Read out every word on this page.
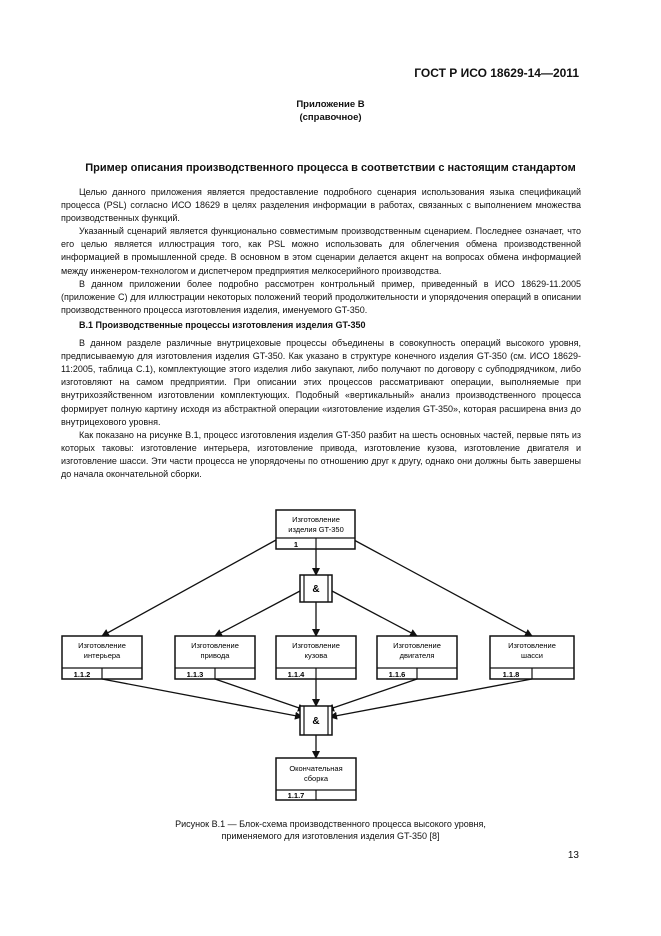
ГОСТ Р ИСО 18629-14—2011
Приложение В
(справочное)
Пример описания производственного процесса в соответствии с настоящим стандартом

Целью данного приложения является предоставление подробного сценария использования языка спецификаций процесса (PSL) согласно ИСО 18629 в целях разделения информации в работах, связанных с выполнением множества производственных функций.

Указанный сценарий является функционально совместимым производственным сценарием. Последнее означает, что его целью является иллюстрация того, как PSL можно использовать для облегчения обмена производственной информацией в промышленной среде. В основном в этом сценарии делается акцент на вопросах обмена информацией между инженером-технологом и диспетчером предприятия мелкосерийного производства.

В данном приложении более подробно рассмотрен контрольный пример, приведенный в ИСО 18629-11.2005 (приложение С) для иллюстрации некоторых положений теорий продолжительности и упорядочения операций в описании производственного процесса изготовления изделия, именуемого GT-350.

В.1 Производственные процессы изготовления изделия GT-350

В данном разделе различные внутрицеховые процессы объединены в совокупность операций высокого уровня, предписываемую для изготовления изделия GT-350. Как указано в структуре конечного изделия GT-350 (см. ИСО 18629-11:2005, таблица С.1), комплектующие этого изделия либо закупают, либо получают по договору с субподрядчиком, либо изготовляют на самом предприятии. При описании этих процессов рассматривают операции, выполняемые при внутрихозяйственном изготовлении комплектующих. Подобный «вертикальный» анализ производственного процесса формирует полную картину исходя из абстрактной операции «изготовление изделия GT-350», которая расширена вниз до внутрицехового уровня.

Как показано на рисунке В.1, процесс изготовления изделия GT-350 разбит на шесть основных частей, первые пять из которых таковы: изготовление интерьера, изготовление привода, изготовление кузова, изготовление двигателя и изготовление шасси. Эти части процесса не упорядочены по отношению друг к другу, однако они должны быть завершены до начала окончательной сборки.

Изготовление
изделия GT-350
1
&
Изготовление
интерьера
1.1.2
Изготовление
привода
1.1.3
Изготовление
кузова
1.1.4
Изготовление
двигателя
1.1.6
Изготовление
шасси
1.1.8
&
Окончательная
сборка
1.1.7
Рисунок В.1 — Блок-схема производственного процесса высокого уровня,
применяемого для изготовления изделия GT-350 [8]
13
